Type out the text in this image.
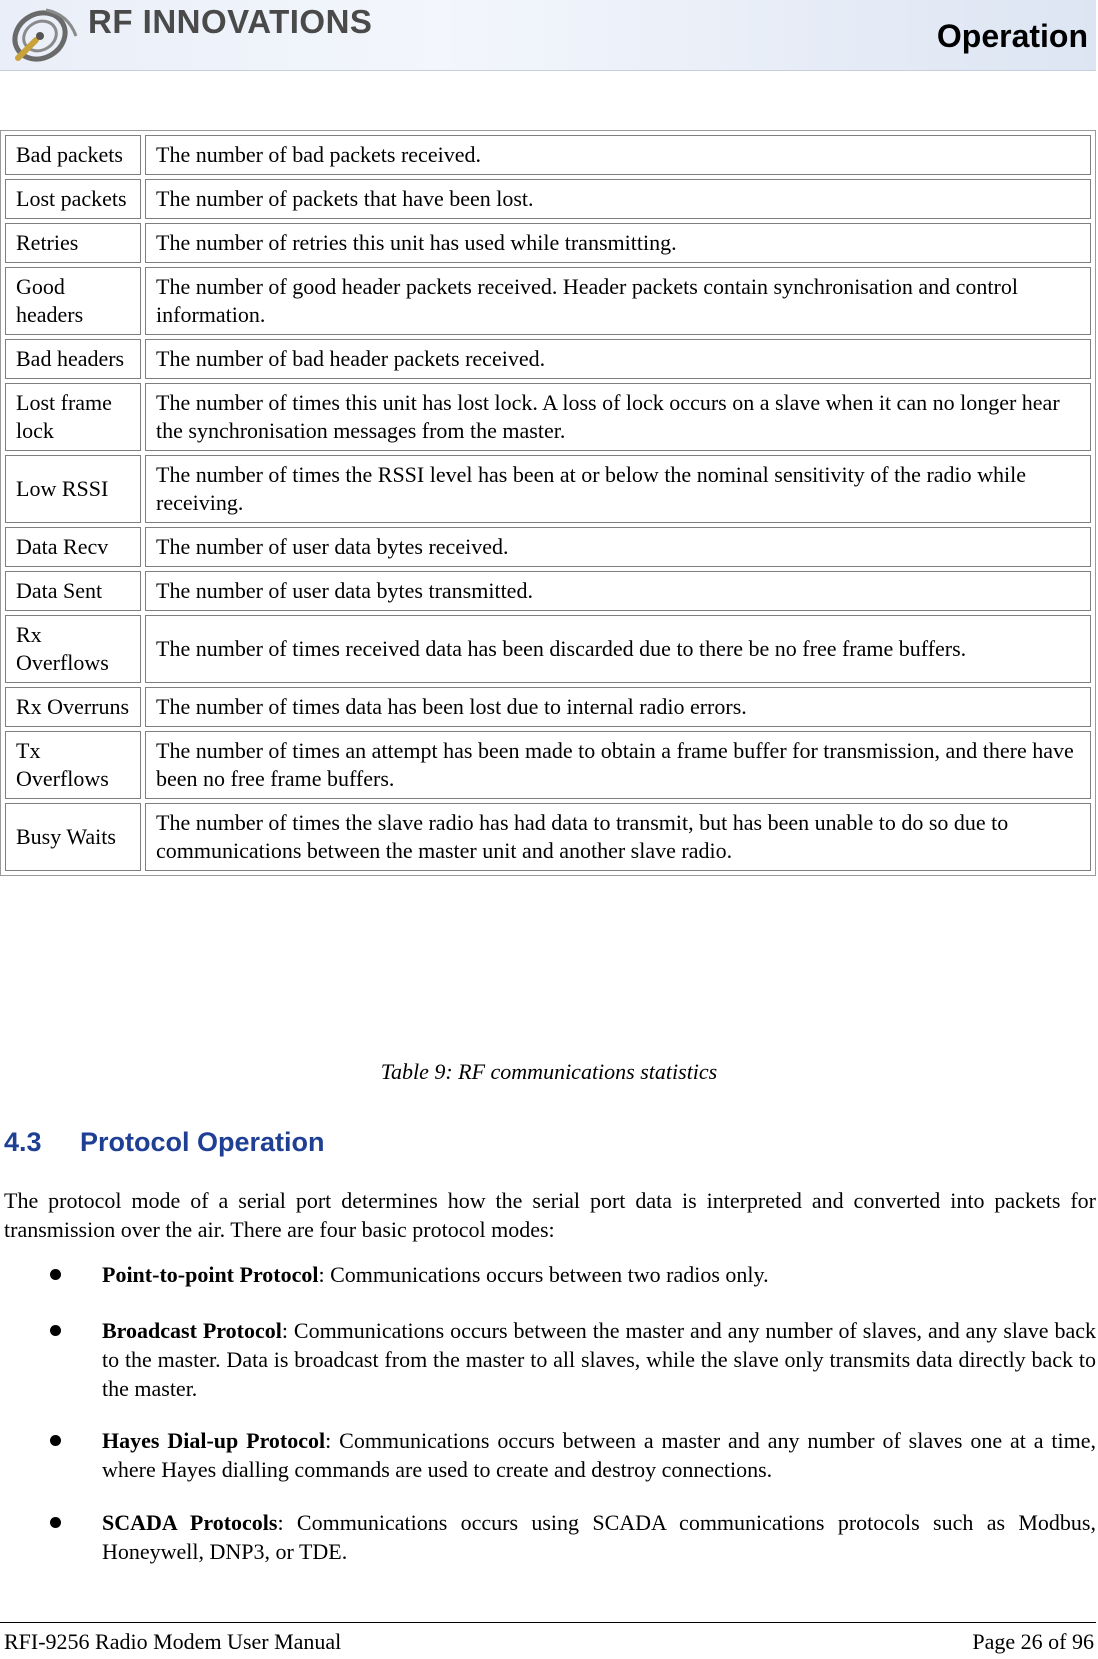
RF INNOVATIONS	Operation
Bad packets	The number of bad packets received.
Lost packets	The number of packets that have been lost.
Retries	The number of retries this unit has used while transmitting.
Good headers	The number of good header packets received. Header packets contain synchronisation and control information.
Bad headers	The number of bad header packets received.
Lost frame lock	The number of times this unit has lost lock. A loss of lock occurs on a slave when it can no longer hear the synchronisation messages from the master.
Low RSSI	The number of times the RSSI level has been at or below the nominal sensitivity of the radio while receiving.
Data Recv	The number of user data bytes received.
Data Sent	The number of user data bytes transmitted.
Rx Overflows	The number of times received data has been discarded due to there be no free frame buffers.
Rx Overruns	The number of times data has been lost due to internal radio errors.
Tx Overflows	The number of times an attempt has been made to obtain a frame buffer for transmission, and there have been no free frame buffers.
Busy Waits	The number of times the slave radio has had data to transmit, but has been unable to do so due to communications between the master unit and another slave radio.
Table 9: RF communications statistics
4.3 Protocol Operation
The protocol mode of a serial port determines how the serial port data is interpreted and converted into packets for transmission over the air. There are four basic protocol modes:
Point-to-point Protocol: Communications occurs between two radios only.
Broadcast Protocol: Communications occurs between the master and any number of slaves, and any slave back to the master. Data is broadcast from the master to all slaves, while the slave only transmits data directly back to the master.
Hayes Dial-up Protocol: Communications occurs between a master and any number of slaves one at a time, where Hayes dialling commands are used to create and destroy connections.
SCADA Protocols: Communications occurs using SCADA communications protocols such as Modbus, Honeywell, DNP3, or TDE.
RFI-9256 Radio Modem User Manual	Page 26 of 96
